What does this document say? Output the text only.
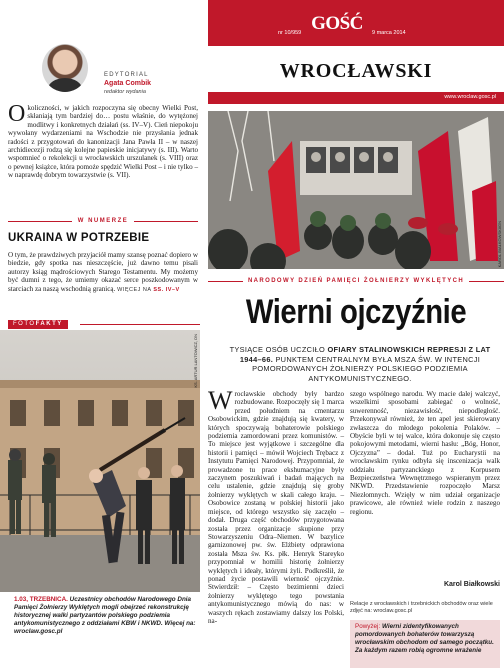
EDYTORIAL
Agata Combik
redaktor wydania
Okoliczności, w jakich rozpoczyna się obecny Wielki Post, skłaniają tym bardziej do… postu właśnie, do wytężonej modlitwy i konkretnych działań (ss. IV–V). Cień niepokoju wywołany wydarzeniami na Wschodzie nie przysłania jednak radości z przygotowań do kanonizacji Jana Pawła II – w naszej archidiecezji rodzą się kolejne papieskie inicjatywy (s. III). Warto wspomnieć o rekolekcji u wrocławskich urszulanek (s. VIII) oraz o pewnej książce, która pomoże spędzić Wielki Post – i nie tylko – w naprawdę dobrym towarzystwie (s. VII).
W NUMERZE
UKRAINA W POTRZEBIE
O tym, że prawdziwych przyjaciół mamy szansę poznać dopiero w biedzie, gdy spotka nas nieszczęście, już dawno temu pisali autorzy ksiąg mądrościowych Starego Testamentu. My możemy być dumni z tego, że umiemy okazać serce poszkodowanym w starciach za naszą wschodnią granicą. WIĘCEJ NA SS. IV–V
FOTOFAKTY
KS. ARTUR LANTOWICZ, DN
1.03, TRZEBNICA. Uczestnicy obchodów Narodowego Dnia Pamięci Żołnierzy Wyklętych mogli obejrzeć rekonstrukcję historycznej walki partyzantów polskiego podziemia antykomunistycznego z oddziałami KBW i NKWD. Więcej na: wroclaw.gosc.pl
GOŚĆ
nr 10/959	9 marca 2014
WROCŁAWSKI
www.wroclaw.gosc.pl
KAROL BIAŁKOWSKI/GN
NARODOWY DZIEŃ PAMIĘCI ŻOŁNIERZY WYKLĘTYCH
Wierni ojczyźnie
TYSIĄCE OSÓB UCZCIŁO OFIARY STALINOWSKICH REPRESJI Z LAT 1944–66. PUNKTEM CENTRALNYM BYŁA MSZA ŚW. W INTENCJI POMORDOWANYCH ŻOŁNIERZY POLSKIEGO PODZIEMIA ANTYKOMUNISTYCZNEGO.
Wrocławskie obchody były bardzo rozbudowane. Rozpoczęły się 1 marca przed południem na cmentarzu Osobowickim, gdzie znajdują się kwatery, w których spoczywają bohaterowie polskiego podziemia zamordowani przez komunistów. – To miejsce jest wyjątkowe i szczególne dla historii i pamięci – mówił Wojciech Trębacz z Instytutu Pamięci Narodowej. Przypomniał, że prowadzone tu prace ekshumacyjne były zaczynem poszukiwań i badań mających na celu ustalenie, gdzie znajdują się groby żołnierzy wyklętych w skali całego kraju. – Osobowice zostaną w polskiej historii jako miejsce, od którego wszystko się zaczęło – dodał. Druga część obchodów przygotowana została przez organizacje skupione przy Stowarzyszeniu Odra–Niemen. W bazylice garnizonowej pw. św. Elżbiety odprawiona została Msza św. Ks. płk. Henryk Stareyko przypomniał w homilii historię żołnierzy wyklętych i ideały, którymi żyli. Podkreślił, że ponad życie postawili wierność ojczyźnie. Stwierdził: – Często bezimienni dzieci żołnierzy wyklętego tego powstania antykomunistycznego mówią do nas: w waszych rękach zostawiamy dalszy los Polski, na-
szego wspólnego narodu. Wy macie dalej walczyć, wszelkimi sposobami zabiegać o wolność, suwerenność, niezawisłość, niepodległość. Przekonywał również, że ten apel jest skierowany zwłaszcza do młodego pokolenia Polaków. – Obyście byli w tej walce, która dokonuje się często pokojowymi metodami, wierni hasłu: „Bóg, Honor, Ojczyzna” – dodał. Tuż po Eucharystii na wrocławskim rynku odbyła się inscenizacja walk oddziału partyzanckiego z Korpusem Bezpieczeństwa Wewnętrznego wspieranym przez NKWD. Przedstawienie rozpoczęło Marsz Niezłomnych. Wzięły w nim udział organizacje prawicowe, ale również wiele rodzin z naszego regionu.
Karol Białkowski
Relacje z wrocławskich i trzebnickich obchodów oraz wiele zdjęć na: wroclaw.gosc.pl
Powyżej: Wierni zidentyfikowanych pomordowanych bohaterów towarzyszą wrocławskim obchodom od samego początku. Za każdym razem robią ogromne wrażenie
